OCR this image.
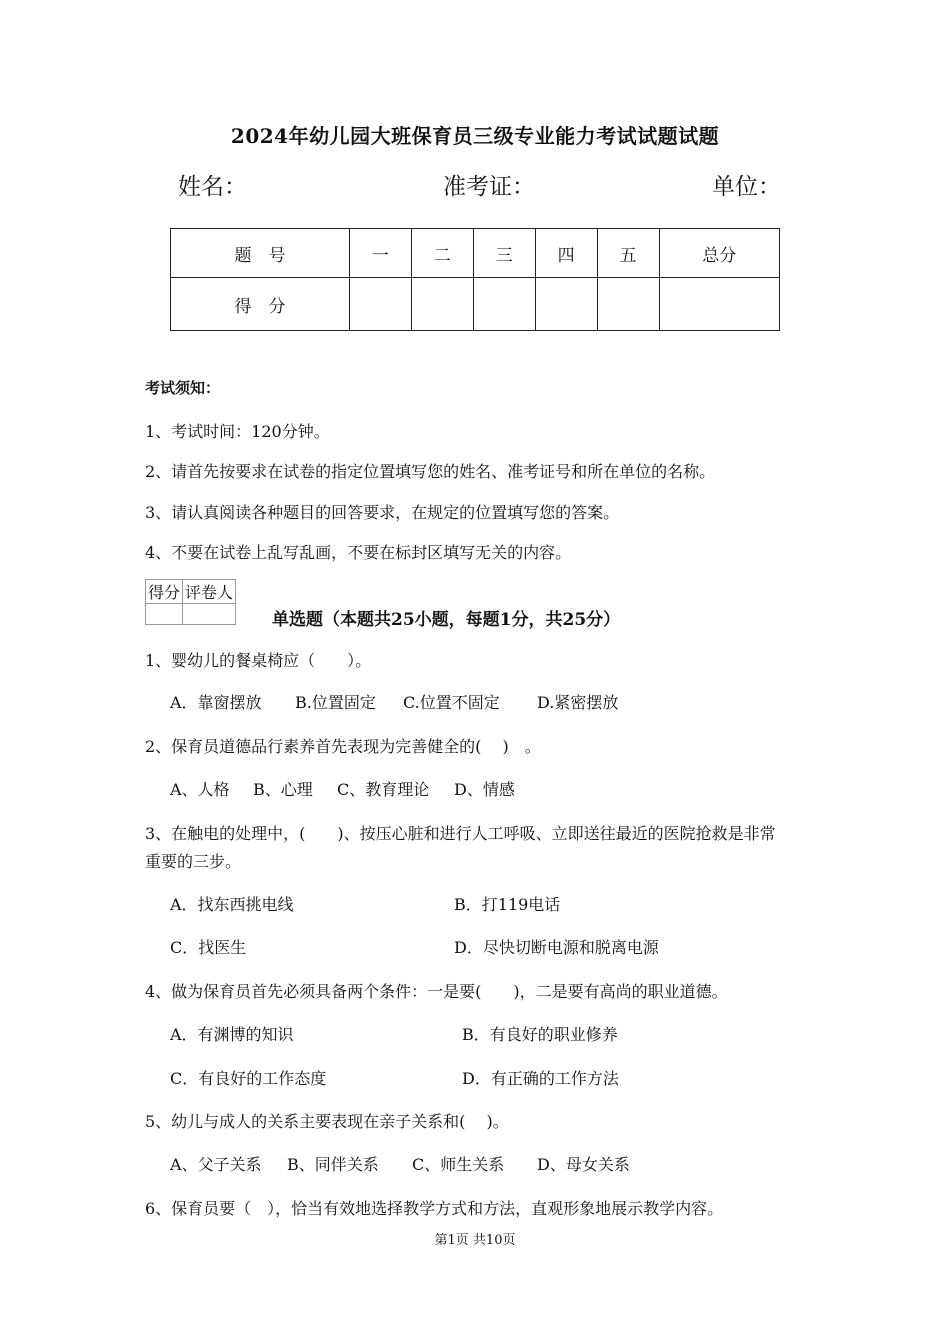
2024年幼儿园大班保育员三级专业能力考试试题试题
姓名：	准考证：	单位：
题　号	一	二	三	四	五	总分
得　分						
考试须知：
1、考试时间：120分钟。
2、请首先按要求在试卷的指定位置填写您的姓名、准考证号和所在单位的名称。
3、请认真阅读各种题目的回答要求，在规定的位置填写您的答案。
4、不要在试卷上乱写乱画，不要在标封区填写无关的内容。
得分	评卷人

单选题（本题共25小题，每题1分，共25分）
1、婴幼儿的餐桌椅应（　　）。
A．靠窗摆放 B.位置固定 C.位置不固定 D.紧密摆放
2、保育员道德品行素养首先表现为完善健全的(　 )　。
A、人格 B、心理 C、教育理论 D、情感
3、在触电的处理中，(　　)、按压心脏和进行人工呼吸、立即送往最近的医院抢救是非常
重要的三步。
A．找东西挑电线	B．打119电话
C．找医生	D．尽快切断电源和脱离电源
4、做为保育员首先必须具备两个条件：一是要(　　)，二是要有高尚的职业道德。
A．有渊博的知识	B．有良好的职业修养
C．有良好的工作态度	D．有正确的工作方法
5、幼儿与成人的关系主要表现在亲子关系和(　 )。
A、父子关系 B、同伴关系 C、师生关系 D、母女关系
6、保育员要（　），恰当有效地选择教学方式和方法，直观形象地展示教学内容。
第1页 共10页
